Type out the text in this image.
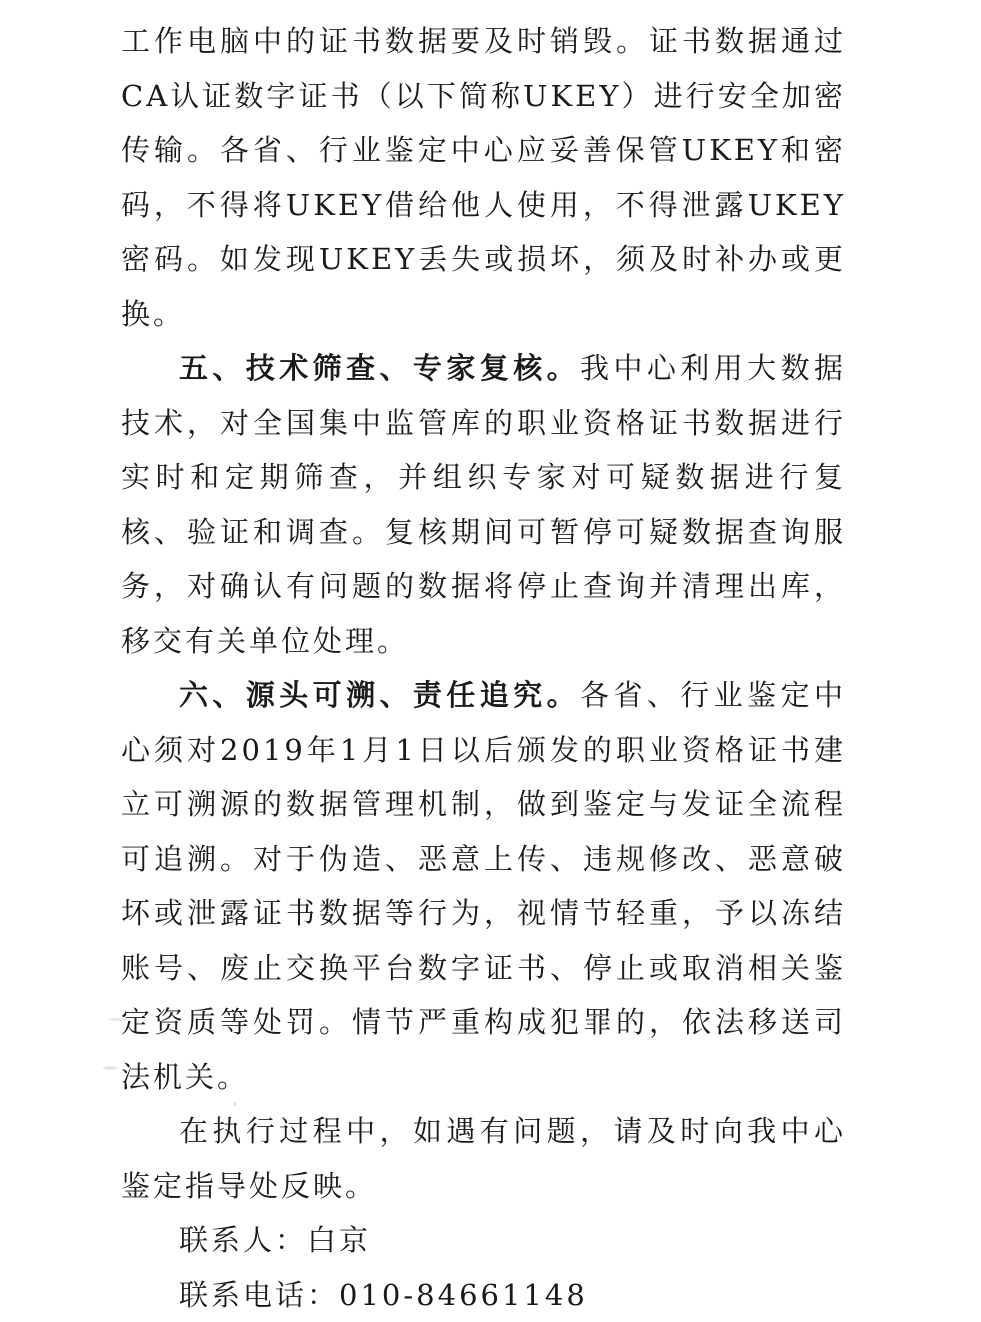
工作电脑中的证书数据要及时销毁。证书数据通过CA认证数字证书（以下简称UKEY）进行安全加密传输。各省、行业鉴定中心应妥善保管UKEY和密码，不得将UKEY借给他人使用，不得泄露UKEY密码。如发现UKEY丢失或损坏，须及时补办或更换。

五、技术筛查、专家复核。我中心利用大数据技术，对全国集中监管库的职业资格证书数据进行实时和定期筛查，并组织专家对可疑数据进行复核、验证和调查。复核期间可暂停可疑数据查询服务，对确认有问题的数据将停止查询并清理出库，移交有关单位处理。

六、源头可溯、责任追究。各省、行业鉴定中心须对2019年1月1日以后颁发的职业资格证书建立可溯源的数据管理机制，做到鉴定与发证全流程可追溯。对于伪造、恶意上传、违规修改、恶意破坏或泄露证书数据等行为，视情节轻重，予以冻结账号、废止交换平台数字证书、停止或取消相关鉴定资质等处罚。情节严重构成犯罪的，依法移送司法机关。

在执行过程中，如遇有问题，请及时向我中心鉴定指导处反映。

联系人：白京

联系电话：010-84661148
